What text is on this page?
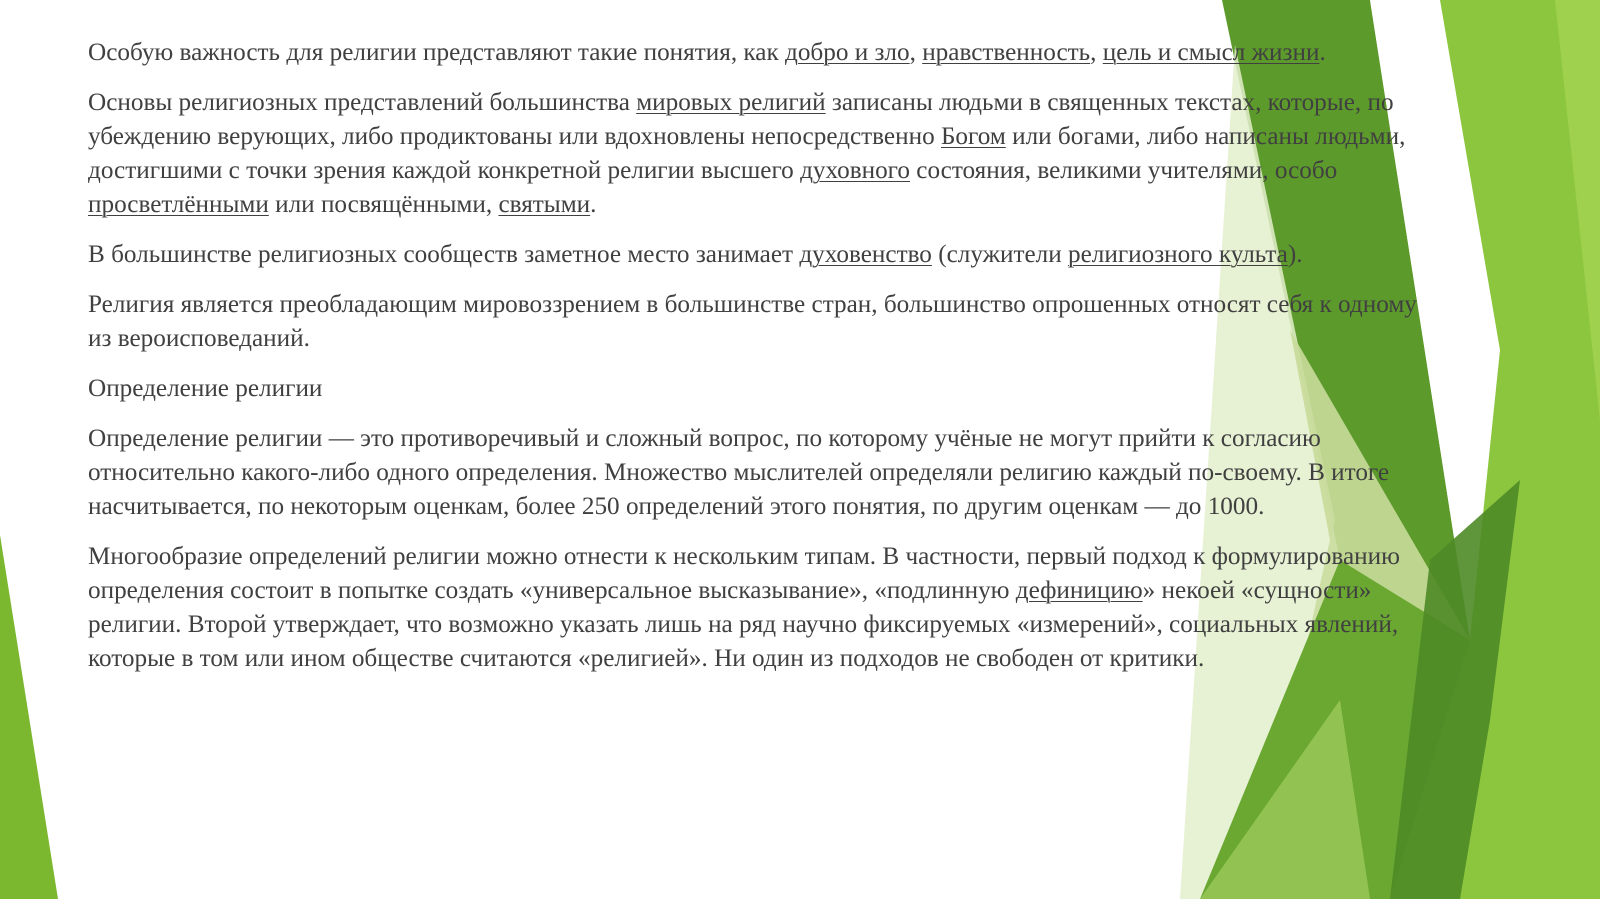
Особую важность для религии представляют такие понятия, как добро и зло, нравственность, цель и смысл жизни.

Основы религиозных представлений большинства мировых религий записаны людьми в священных текстах, которые, по убеждению верующих, либо продиктованы или вдохновлены непосредственно Богом или богами, либо написаны людьми, достигшими с точки зрения каждой конкретной религии высшего духовного состояния, великими учителями, особо просветлёнными или посвящёнными, святыми.

В большинстве религиозных сообществ заметное место занимает духовенство (служители религиозного культа).

Религия является преобладающим мировоззрением в большинстве стран, большинство опрошенных относят себя к одному из вероисповеданий.

Определение религии

Определение религии — это противоречивый и сложный вопрос, по которому учёные не могут прийти к согласию относительно какого-либо одного определения. Множество мыслителей определяли религию каждый по-своему. В итоге насчитывается, по некоторым оценкам, более 250 определений этого понятия, по другим оценкам — до 1000.

Многообразие определений религии можно отнести к нескольким типам. В частности, первый подход к формулированию определения состоит в попытке создать «универсальное высказывание», «подлинную дефиницию» некоей «сущности» религии. Второй утверждает, что возможно указать лишь на ряд научно фиксируемых «измерений», социальных явлений, которые в том или ином обществе считаются «религией». Ни один из подходов не свободен от критики.
